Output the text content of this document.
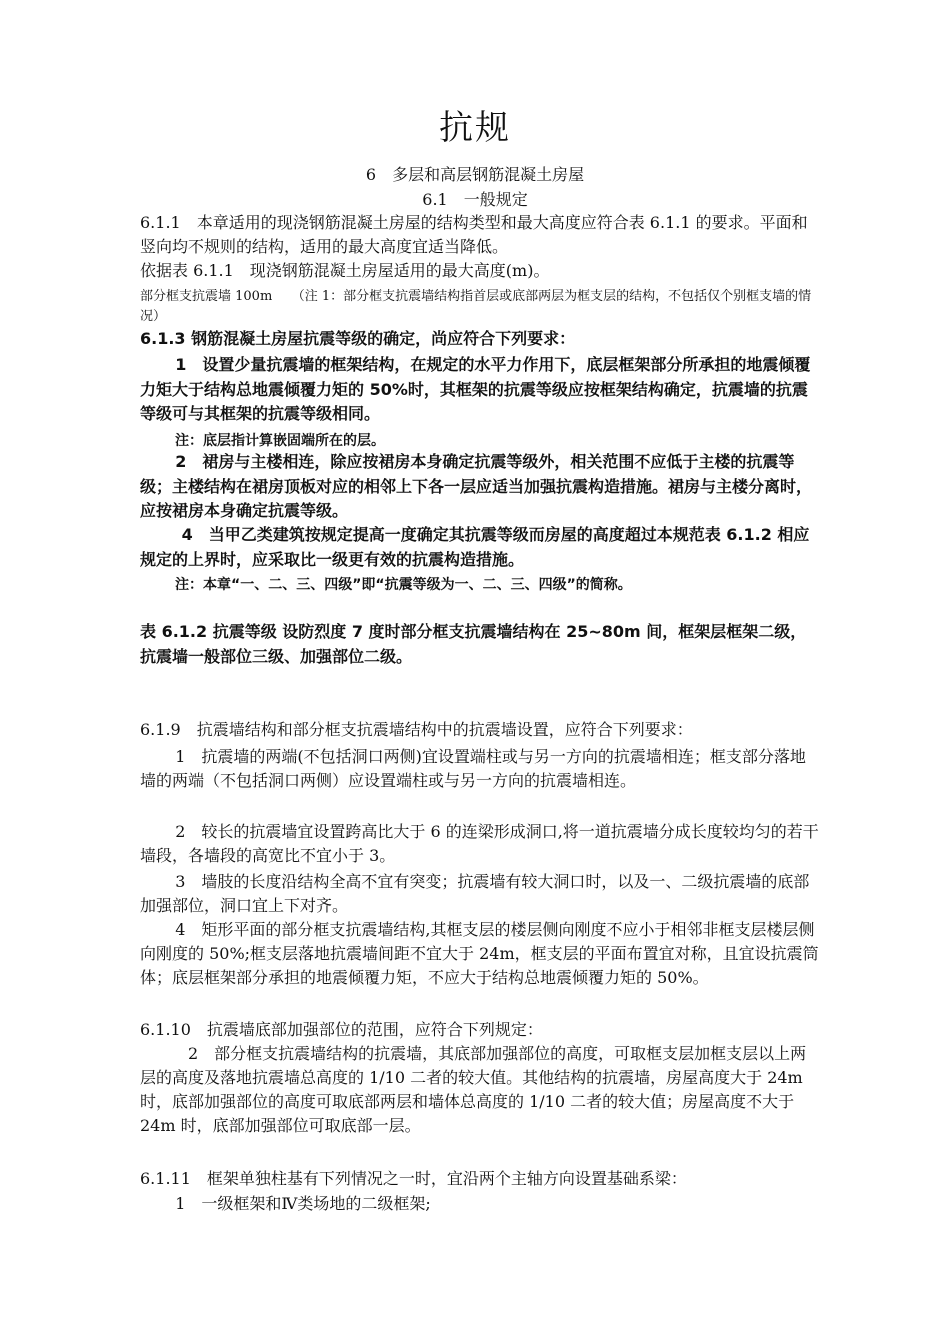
抗规
6　多层和高层钢筋混凝土房屋
6.1　一般规定

6.1.1　本章适用的现浇钢筋混凝土房屋的结构类型和最大高度应符合表 6.1.1 的要求。平面和竖向均不规则的结构，适用的最大高度宜适当降低。

依据表 6.1.1　现浇钢筋混凝土房屋适用的最大高度(m)。

部分框支抗震墙 100m　　（注 1：部分框支抗震墙结构指首层或底部两层为框支层的结构，不包括仅个别框支墙的情况）

6.1.3 钢筋混凝土房屋抗震等级的确定，尚应符合下列要求：

1　设置少量抗震墙的框架结构，在规定的水平力作用下，底层框架部分所承担的地震倾覆力矩大于结构总地震倾覆力矩的 50%时，其框架的抗震等级应按框架结构确定，抗震墙的抗震等级可与其框架的抗震等级相同。

注：底层指计算嵌固端所在的层。

2　裙房与主楼相连，除应按裙房本身确定抗震等级外，相关范围不应低于主楼的抗震等级；主楼结构在裙房顶板对应的相邻上下各一层应适当加强抗震构造措施。裙房与主楼分离时，应按裙房本身确定抗震等级。

4　当甲乙类建筑按规定提高一度确定其抗震等级而房屋的高度超过本规范表 6.1.2 相应规定的上界时，应采取比一级更有效的抗震构造措施。

注：本章“一、二、三、四级”即“抗震等级为一、二、三、四级”的简称。

表 6.1.2 抗震等级 设防烈度 7 度时部分框支抗震墙结构在 25~80m 间，框架层框架二级，抗震墙一般部位三级、加强部位二级。

6.1.9　抗震墙结构和部分框支抗震墙结构中的抗震墙设置，应符合下列要求：

1　抗震墙的两端(不包括洞口两侧)宜设置端柱或与另一方向的抗震墙相连；框支部分落地墙的两端（不包括洞口两侧）应设置端柱或与另一方向的抗震墙相连。

2　较长的抗震墙宜设置跨高比大于 6 的连梁形成洞口,将一道抗震墙分成长度较均匀的若干墙段，各墙段的高宽比不宜小于 3。

3　墙肢的长度沿结构全高不宜有突变；抗震墙有较大洞口时，以及一、二级抗震墙的底部加强部位，洞口宜上下对齐。

4　矩形平面的部分框支抗震墙结构,其框支层的楼层侧向刚度不应小于相邻非框支层楼层侧向刚度的 50%;框支层落地抗震墙间距不宜大于 24m，框支层的平面布置宜对称，且宜设抗震筒体；底层框架部分承担的地震倾覆力矩，不应大于结构总地震倾覆力矩的 50%。

6.1.10　抗震墙底部加强部位的范围，应符合下列规定：

2　部分框支抗震墙结构的抗震墙，其底部加强部位的高度，可取框支层加框支层以上两层的高度及落地抗震墙总高度的 1/10 二者的较大值。其他结构的抗震墙，房屋高度大于 24m 时，底部加强部位的高度可取底部两层和墙体总高度的 1/10 二者的较大值；房屋高度不大于 24m 时，底部加强部位可取底部一层。

6.1.11　框架单独柱基有下列情况之一时，宜沿两个主轴方向设置基础系梁：

1　一级框架和Ⅳ类场地的二级框架;
